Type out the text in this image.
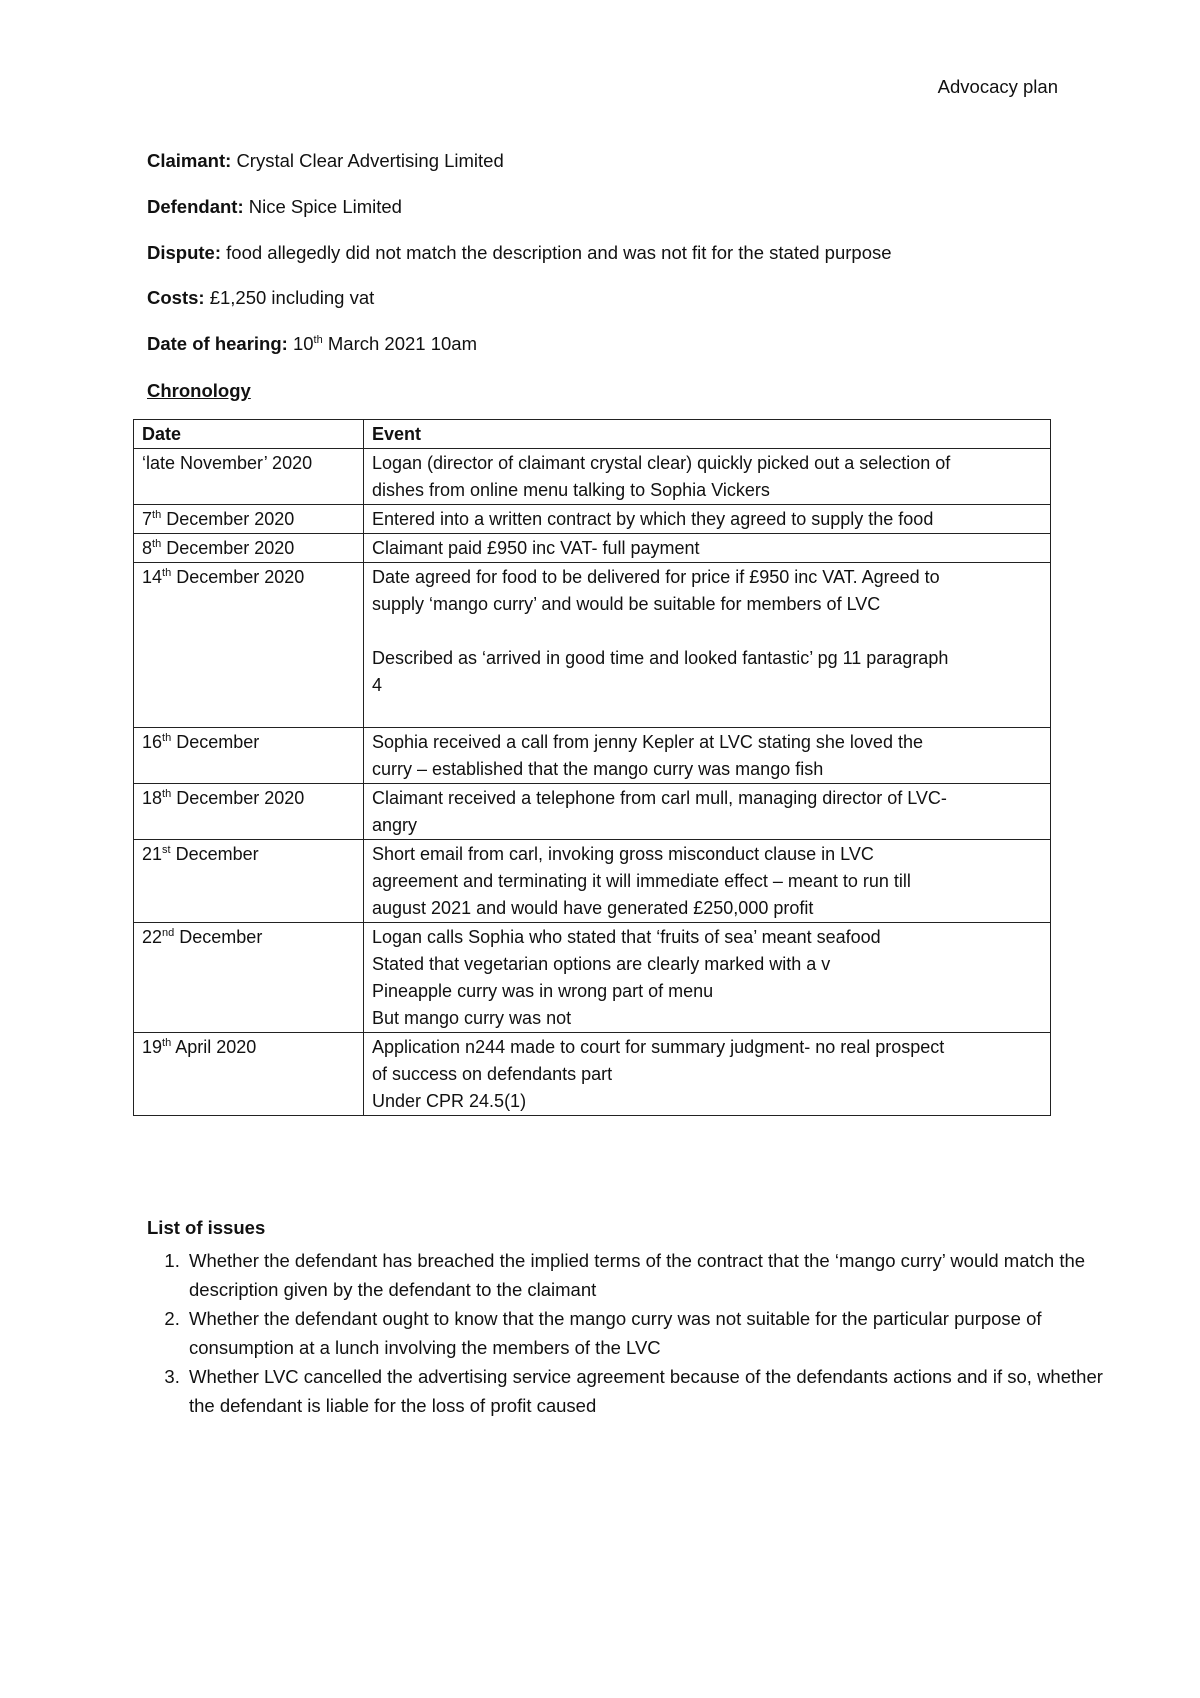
Advocacy plan
Claimant: Crystal Clear Advertising Limited
Defendant: Nice Spice Limited
Dispute: food allegedly did not match the description and was not fit for the stated purpose
Costs: £1,250 including vat
Date of hearing: 10th March 2021 10am
Chronology
Date	Event
‘late November’ 2020	Logan (director of claimant crystal clear) quickly picked out a selection of
dishes from online menu talking to Sophia Vickers

7th December 2020	Entered into a written contract by which they agreed to supply the food

8th December 2020	Claimant paid £950 inc VAT- full payment

14th December 2020	Date agreed for food to be delivered for price if £950 inc VAT. Agreed to
supply ‘mango curry’ and would be suitable for members of LVC
Described as ‘arrived in good time and looked fantastic’ pg 11 paragraph
4

16th December	Sophia received a call from jenny Kepler at LVC stating she loved the
curry – established that the mango curry was mango fish

18th December 2020	Claimant received a telephone from carl mull, managing director of LVC-
angry

21st December	Short email from carl, invoking gross misconduct clause in LVC
agreement and terminating it will immediate effect – meant to run till
august 2021 and would have generated £250,000 profit

22nd December	Logan calls Sophia who stated that ‘fruits of sea’ meant seafood
Stated that vegetarian options are clearly marked with a v
Pineapple curry was in wrong part of menu
But mango curry was not

19th April 2020	Application n244 made to court for summary judgment- no real prospect
of success on defendants part
Under CPR 24.5(1)
List of issues
1. Whether the defendant has breached the implied terms of the contract that the ‘mango curry’ would match the description given by the defendant to the claimant
2. Whether the defendant ought to know that the mango curry was not suitable for the particular purpose of consumption at a lunch involving the members of the LVC
3. Whether LVC cancelled the advertising service agreement because of the defendants actions and if so, whether the defendant is liable for the loss of profit caused
